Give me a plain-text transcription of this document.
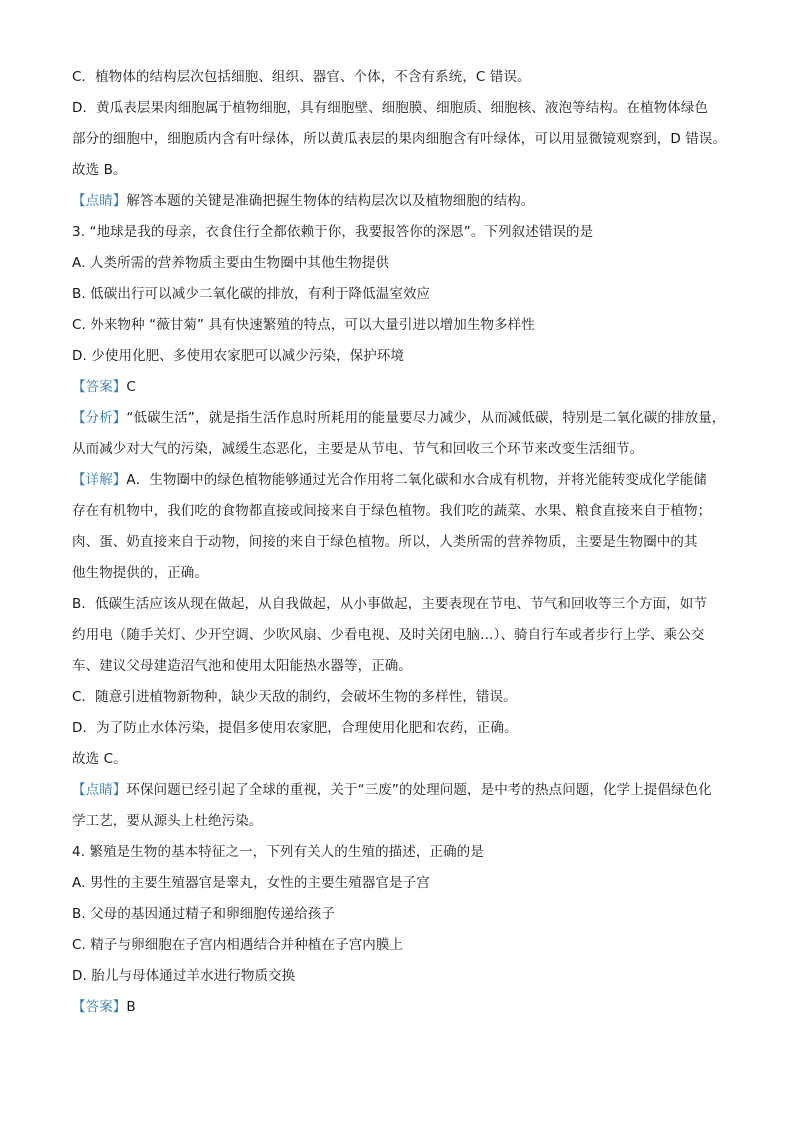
C．植物体的结构层次包括细胞、组织、器官、个体，不含有系统，C 错误。
D．黄瓜表层果肉细胞属于植物细胞，具有细胞壁、细胞膜、细胞质、细胞核、液泡等结构。在植物体绿色
部分的细胞中，细胞质内含有叶绿体，所以黄瓜表层的果肉细胞含有叶绿体，可以用显微镜观察到，D 错误。
故选 B。
【点睛】解答本题的关键是准确把握生物体的结构层次以及植物细胞的结构。
3. “地球是我的母亲，衣食住行全都依赖于你，我要报答你的深恩”。下列叙述错误的是
A. 人类所需的营养物质主要由生物圈中其他生物提供
B. 低碳出行可以减少二氧化碳的排放，有利于降低温室效应
C. 外来物种 “薇甘菊” 具有快速繁殖的特点，可以大量引进以增加生物多样性
D. 少使用化肥、多使用农家肥可以减少污染，保护环境
【答案】C
【分析】“低碳生活”，就是指生活作息时所耗用的能量要尽力减少，从而减低碳，特别是二氧化碳的排放量，
从而减少对大气的污染，减缓生态恶化，主要是从节电、节气和回收三个环节来改变生活细节。
【详解】A．生物圈中的绿色植物能够通过光合作用将二氧化碳和水合成有机物，并将光能转变成化学能储
存在有机物中，我们吃的食物都直接或间接来自于绿色植物。我们吃的蔬菜、水果、粮食直接来自于植物；
肉、蛋、奶直接来自于动物，间接的来自于绿色植物。所以，人类所需的营养物质，主要是生物圈中的其
他生物提供的，正确。
B．低碳生活应该从现在做起，从自我做起，从小事做起，主要表现在节电、节气和回收等三个方面，如节
约用电（随手关灯、少开空调、少吹风扇、少看电视、及时关闭电脑…）、骑自行车或者步行上学、乘公交
车、建议父母建造沼气池和使用太阳能热水器等，正确。
C．随意引进植物新物种，缺少天敌的制约，会破坏生物的多样性，错误。
D．为了防止水体污染，提倡多使用农家肥，合理使用化肥和农药，正确。
故选 C。
【点睛】环保问题已经引起了全球的重视，关于“三废”的处理问题，是中考的热点问题，化学上提倡绿色化
学工艺，要从源头上杜绝污染。
4. 繁殖是生物的基本特征之一，下列有关人的生殖的描述，正确的是
A. 男性的主要生殖器官是睾丸，女性的主要生殖器官是子宫
B. 父母的基因通过精子和卵细胞传递给孩子
C. 精子与卵细胞在子宫内相遇结合并种植在子宫内膜上
D. 胎儿与母体通过羊水进行物质交换
【答案】B
